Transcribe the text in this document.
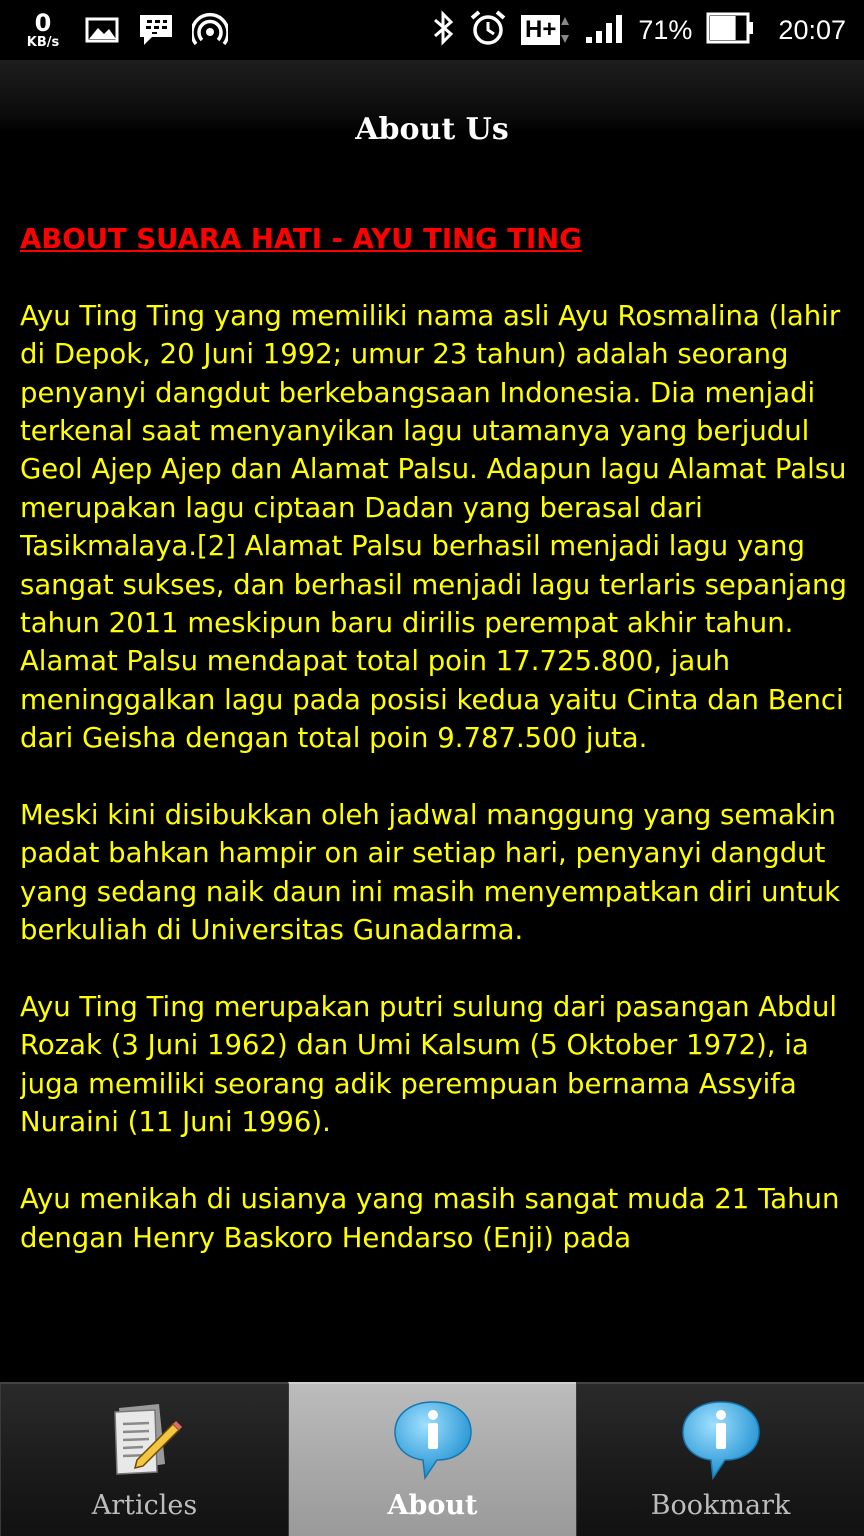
0
KB/s	H+	71%	20:07
About Us
ABOUT SUARA HATI - AYU TING TING
Ayu Ting Ting yang memiliki nama asli Ayu Rosmalina (lahir di Depok, 20 Juni 1992; umur 23 tahun) adalah seorang penyanyi dangdut berkebangsaan Indonesia. Dia menjadi terkenal saat menyanyikan lagu utamanya yang berjudul Geol Ajep Ajep dan Alamat Palsu. Adapun lagu Alamat Palsu merupakan lagu ciptaan Dadan yang berasal dari Tasikmalaya.[2] Alamat Palsu berhasil menjadi lagu yang sangat sukses, dan berhasil menjadi lagu terlaris sepanjang tahun 2011 meskipun baru dirilis perempat akhir tahun. Alamat Palsu mendapat total poin 17.725.800, jauh meninggalkan lagu pada posisi kedua yaitu Cinta dan Benci dari Geisha dengan total poin 9.787.500 juta.
Meski kini disibukkan oleh jadwal manggung yang semakin padat bahkan hampir on air setiap hari, penyanyi dangdut yang sedang naik daun ini masih menyempatkan diri untuk berkuliah di Universitas Gunadarma.
Ayu Ting Ting merupakan putri sulung dari pasangan Abdul Rozak (3 Juni 1962) dan Umi Kalsum (5 Oktober 1972), ia juga memiliki seorang adik perempuan bernama Assyifa Nuraini (11 Juni 1996).
Ayu menikah di usianya yang masih sangat muda 21 Tahun dengan Henry Baskoro Hendarso (Enji) pada
Articles	About	Bookmark
